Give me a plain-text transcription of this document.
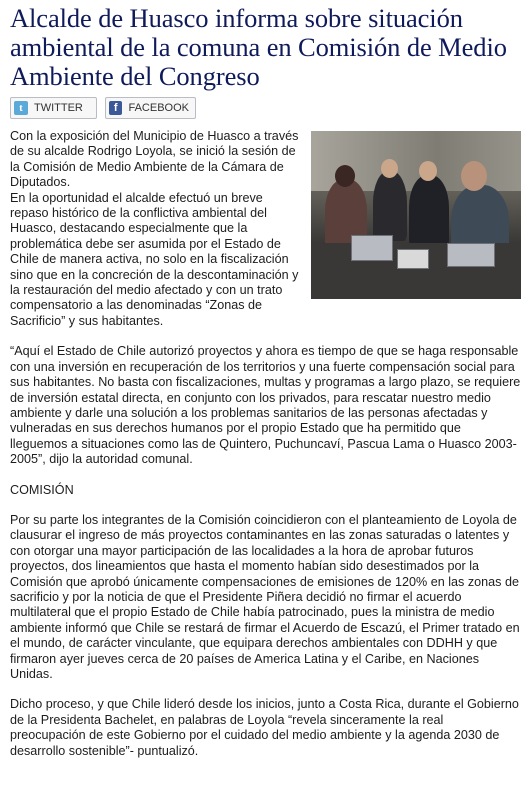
Alcalde de Huasco informa sobre situación ambiental de la comuna en Comisión de Medio Ambiente del Congreso
t	TWITTER	f FACEBOOK

Con la exposición del Municipio de Huasco a través de su alcalde Rodrigo Loyola, se inició la sesión de la Comisión de Medio Ambiente de la Cámara de Diputados.

En la oportunidad el alcalde efectuó un breve repaso histórico de la conflictiva ambiental del Huasco, destacando especialmente que la problemática debe ser asumida por el Estado de Chile de manera activa, no solo en la fiscalización sino que en la concreción de la descontaminación y la restauración del medio afectado y con un trato compensatorio a las denominadas “Zonas de Sacrificio” y sus habitantes.

“Aquí el Estado de Chile autorizó proyectos y ahora es tiempo de que se haga responsable con una inversión en recuperación de los territorios y una fuerte compensación social para sus habitantes. No basta con fiscalizaciones, multas y programas a largo plazo, se requiere de inversión estatal directa, en conjunto con los privados, para rescatar nuestro medio ambiente y darle una solución a los problemas sanitarios de las personas afectadas y vulneradas en sus derechos humanos por el propio Estado que ha permitido que lleguemos a situaciones como las de Quintero, Puchuncaví, Pascua Lama o Huasco 2003-2005”, dijo la autoridad comunal.

COMISIÓN

Por su parte los integrantes de la Comisión coincidieron con el planteamiento de Loyola de clausurar el ingreso de más proyectos contaminantes en las zonas saturadas o latentes y con otorgar una mayor participación de las localidades a la hora de aprobar futuros proyectos, dos lineamientos que hasta el momento habían sido desestimados por la Comisión que aprobó únicamente compensaciones de emisiones de 120% en las zonas de sacrificio y por la noticia de que el Presidente Piñera decidió no firmar el acuerdo multilateral que el propio Estado de Chile había patrocinado, pues la ministra de medio ambiente informó que Chile se restará de firmar el Acuerdo de Escazú, el Primer tratado en el mundo, de carácter vinculante, que equipara derechos ambientales con DDHH y que firmaron ayer jueves cerca de 20 países de America Latina y el Caribe, en Naciones Unidas.

Dicho proceso, y que Chile lideró desde los inicios, junto a Costa Rica, durante el Gobierno de la Presidenta Bachelet, en palabras de Loyola “revela sinceramente la real preocupación de este Gobierno por el cuidado del medio ambiente y la agenda 2030 de desarrollo sostenible”- puntualizó.
